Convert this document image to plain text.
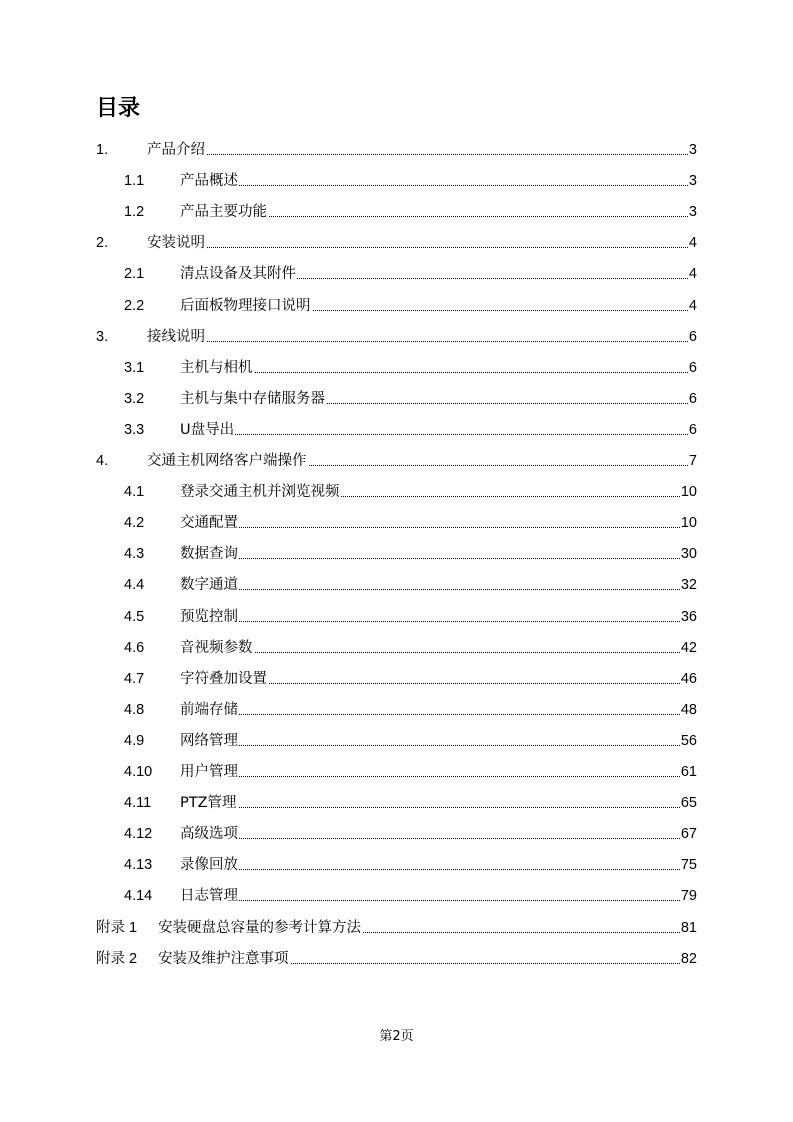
目录
1.	产品介绍	3
1.1 产品概述	3
1.2 产品主要功能	3
2.	安装说明	4
2.1 清点设备及其附件	4
2.2 后面板物理接口说明	4
3.	接线说明	6
3.1 主机与相机	6
3.2 主机与集中存储服务器	6
3.3 U盘导出	6
4.	交通主机网络客户端操作	7
4.1 登录交通主机并浏览视频	10
4.2 交通配置	10
4.3 数据查询	30
4.4 数字通道	32
4.5 预览控制	36
4.6 音视频参数	42
4.7 字符叠加设置	46
4.8 前端存储	48
4.9 网络管理	56
4.10 用户管理	61
4.11 PTZ管理	65
4.12 高级选项	67
4.13 录像回放	75
4.14 日志管理	79
附录 1 安装硬盘总容量的参考计算方法	81
附录 2 安装及维护注意事项	82
第2页
